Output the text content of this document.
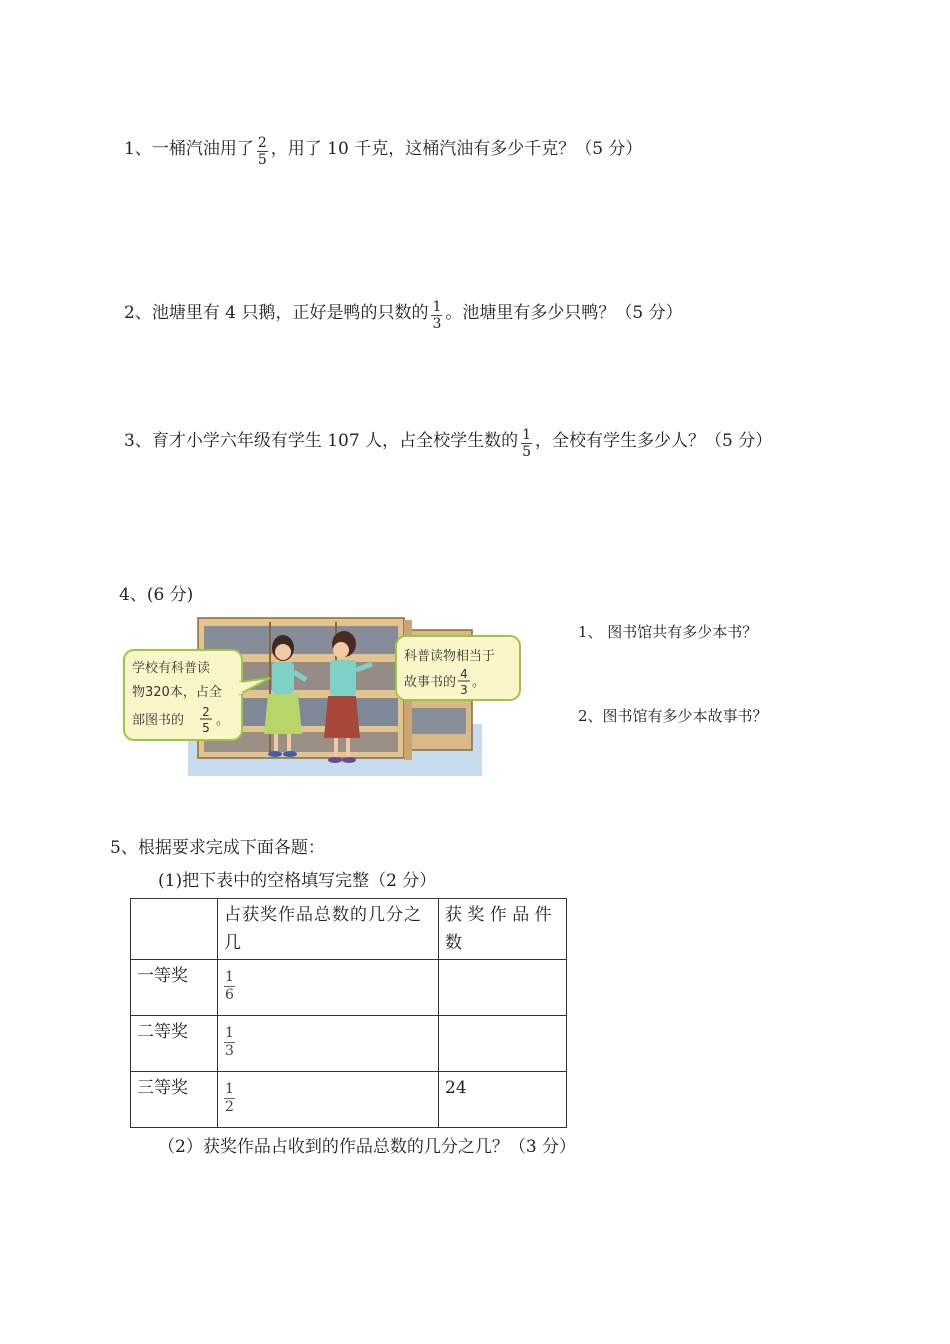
1、一桶汽油用了 $\frac{2}{5}$ ，用了 10 千克，这桶汽油有多少千克？（5 分）
2、池塘里有 4 只鹅，正好是鸭的只数的 $\frac{1}{3}$ 。池塘里有多少只鸭？（5 分）
3、育才小学六年级有学生 107 人，占全校学生数的 $\frac{1}{5}$ ，全校有学生多少人？（5 分）
4、(6 分)
学校有科普读
物320本，占全
部图书的
2
5 。
科普读物相当于
故事书的
4
3 。
1、 图书馆共有多少本书？
2、图书馆有多少本故事书？
5、根据要求完成下面各题：
(1)把下表中的空格填写完整（2 分）
	占获奖作品总数的几分之几	获 奖 作 品 件 数
一等奖	$\frac{1}{6}$

二等奖	$\frac{1}{3}$

三等奖	$\frac{1}{2}$	24
（2）获奖作品占收到的作品总数的几分之几？（3 分）
